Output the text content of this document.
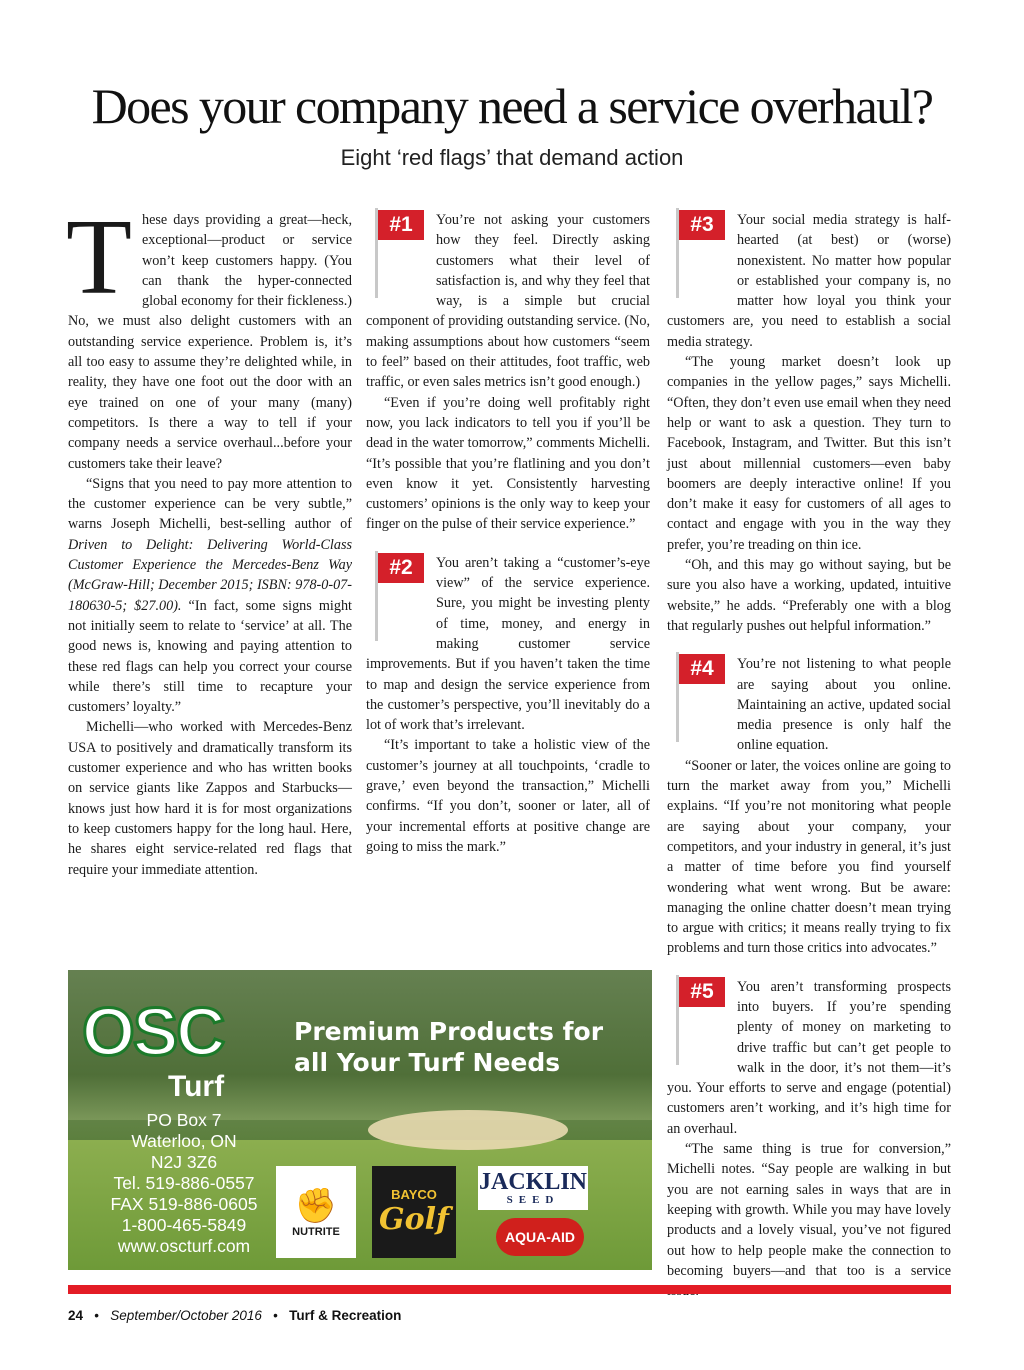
Does your company need a service overhaul?
Eight ‘red flags’ that demand action

These days providing a great—heck, exceptional—product or service won’t keep customers happy. (You can thank the hyper-connected global economy for their fickleness.) No, we must also delight customers with an outstanding service experience. Problem is, it’s all too easy to assume they’re delighted while, in reality, they have one foot out the door with an eye trained on one of your many (many) competitors. Is there a way to tell if your company needs a service overhaul...before your customers take their leave?

“Signs that you need to pay more attention to the customer experience can be very subtle,” warns Joseph Michelli, best-selling author of Driven to Delight: Delivering World-Class Customer Experience the Mercedes-Benz Way (McGraw-Hill; December 2015; ISBN: 978-0-07-180630-5; $27.00). “In fact, some signs might not initially seem to relate to ‘service’ at all. The good news is, knowing and paying attention to these red flags can help you correct your course while there’s still time to recapture your customers’ loyalty.”

Michelli—who worked with Mercedes-Benz USA to positively and dramatically transform its customer experience and who has written books on service giants like Zappos and Starbucks—knows just how hard it is for most organizations to keep customers happy for the long haul. Here, he shares eight service-related red flags that require your immediate attention.

#1	You’re not asking your customers how they feel. Directly asking customers what their level of satisfaction is, and why they feel that way, is a simple but crucial component of providing outstanding service. (No, making assumptions about how customers “seem to feel” based on their attitudes, foot traffic, web traffic, or even sales metrics isn’t good enough.)

“Even if you’re doing well profitably right now, you lack indicators to tell you if you’ll be dead in the water tomorrow,” comments Michelli. “It’s possible that you’re flatlining and you don’t even know it yet. Consistently harvesting customers’ opinions is the only way to keep your finger on the pulse of their service experience.”

#2	You aren’t taking a “customer’s-eye view” of the service experience. Sure, you might be investing plenty of time, money, and energy in making customer service improvements. But if you haven’t taken the time to map and design the service experience from the customer’s perspective, you’ll inevitably do a lot of work that’s irrelevant.

“It’s important to take a holistic view of the customer’s journey at all touchpoints, ‘cradle to grave,’ even beyond the transaction,” Michelli confirms. “If you don’t, sooner or later, all of your incremental efforts at positive change are going to miss the mark.”

#3	Your social media strategy is half-hearted (at best) or (worse) nonexistent. No matter how popular or established your company is, no matter how loyal you think your customers are, you need to establish a social media strategy.

“The young market doesn’t look up companies in the yellow pages,” says Michelli. “Often, they don’t even use email when they need help or want to ask a question. They turn to Facebook, Instagram, and Twitter. But this isn’t just about millennial customers—even baby boomers are deeply interactive online! If you don’t make it easy for customers of all ages to contact and engage with you in the way they prefer, you’re treading on thin ice.

“Oh, and this may go without saying, but be sure you also have a working, updated, intuitive website,” he adds. “Preferably one with a blog that regularly pushes out helpful information.”

#4	You’re not listening to what people are saying about you online. Maintaining an active, updated social media presence is only half the online equation.

“Sooner or later, the voices online are going to turn the market away from you,” Michelli explains. “If you’re not monitoring what people are saying about your company, your competitors, and your industry in general, it’s just a matter of time before you find yourself wondering what went wrong. But be aware: managing the online chatter doesn’t mean trying to argue with critics; it means really trying to fix problems and turn those critics into advocates.”

#5	You aren’t transforming prospects into buyers. If you’re spending plenty of money on marketing to drive traffic but can’t get people to walk in the door, it’s not them—it’s you. Your efforts to serve and engage (potential) customers aren’t working, and it’s high time for an overhaul.

“The same thing is true for conversion,” Michelli notes. “Say people are walking in but you are not earning sales in ways that are in keeping with growth. While you may have lovely products and a lovely visual, you’ve not figured out how to help people make the connection to becoming buyers—and that too is a service

OSC
Turf
PO Box 7
Waterloo, ON
N2J 3Z6
Tel. 519-886-0557
FAX 519-886-0605
1-800-465-5849
www.oscturf.com
Premium Products for all Your Turf Needs
✊
NUTRITE
BAYCO
Golf
JACKLIN
SEED
AQUA-AID
24 • September/October 2016 • Turf & Recreation
